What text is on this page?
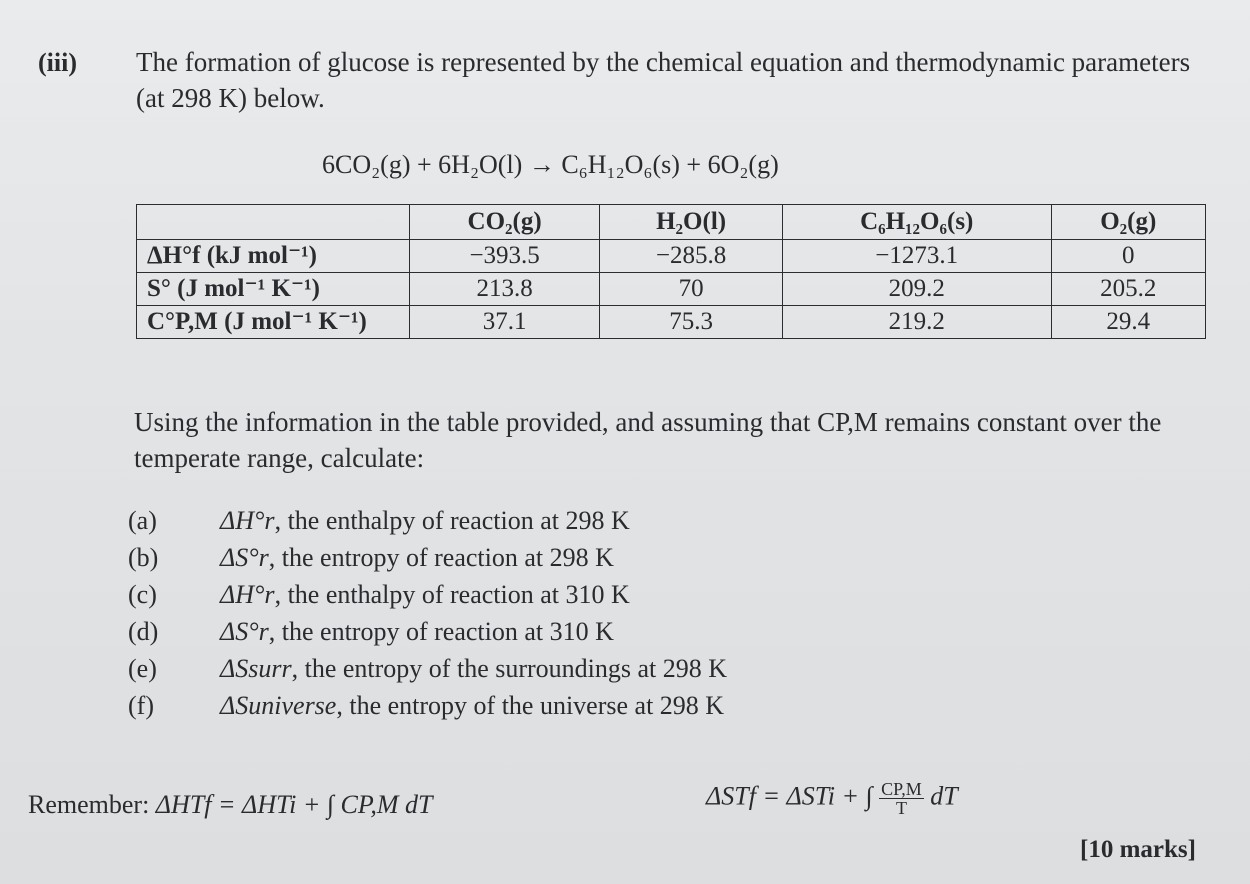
(iii) The formation of glucose is represented by the chemical equation and thermodynamic parameters (at 298 K) below.
6CO₂(g) + 6H₂O(l) → C₆H₁₂O₆(s) + 6O₂(g)
	CO₂(g)	H₂O(l)	C₆H₁₂O₆(s)	O₂(g)
ΔH°f (kJ mol⁻¹)	−393.5	−285.8	−1273.1	0
S° (J mol⁻¹ K⁻¹)	213.8	70	209.2	205.2
C°P,M (J mol⁻¹ K⁻¹)	37.1	75.3	219.2	29.4
Using the information in the table provided, and assuming that CP,M remains constant over the temperate range, calculate:
(a)	ΔH°r , the enthalpy of reaction at 298 K
(b)	ΔS°r , the entropy of reaction at 298 K
(c)	ΔH°r , the enthalpy of reaction at 310 K
(d)	ΔS°r , the entropy of reaction at 310 K
(e)	ΔSsurr , the entropy of the surroundings at 298 K
(f)	ΔSuniverse , the entropy of the universe at 298 K
Remember: ΔHTf = ΔHTi + ∫ CP,M dT	ΔSTf = ΔSTi + ∫ $\frac{CP,M}{T}$ dT
[10 marks]
